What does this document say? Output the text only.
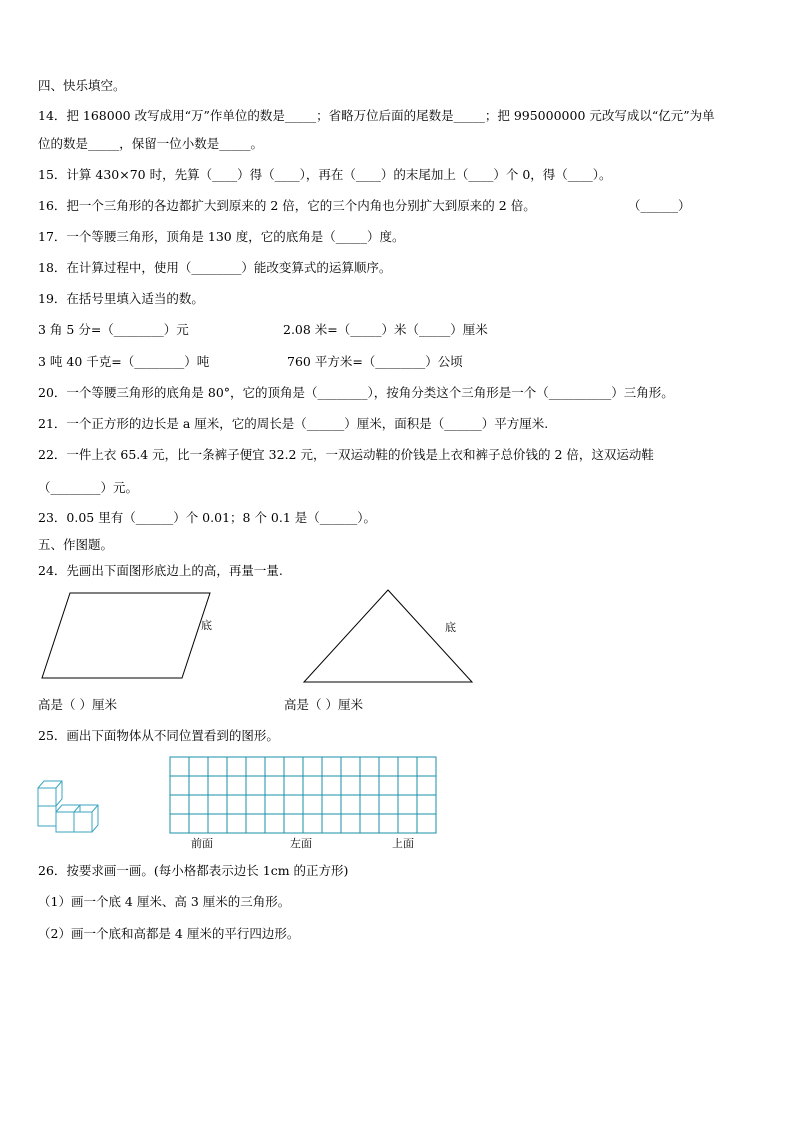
四、快乐填空。
14．把 168000 改写成用“万”作单位的数是_____；省略万位后面的尾数是_____；把 995000000 元改写成以“亿元”为单
位的数是_____，保留一位小数是_____。
15．计算 430×70 时，先算（____）得（____），再在（____）的末尾加上（____）个 0，得（____）。
16．把一个三角形的各边都扩大到原来的 2 倍，它的三个内角也分别扩大到原来的 2 倍。	（______）
17．一个等腰三角形，顶角是 130 度，它的底角是（_____）度。
18．在计算过程中，使用（________）能改变算式的运算顺序。
19．在括号里填入适当的数。
3 角 5 分=（________）元	2.08 米=（_____）米（_____）厘米
3 吨 40 千克=（________）吨	760 平方米=（________）公顷
20．一个等腰三角形的底角是 80°，它的顶角是（________），按角分类这个三角形是一个（__________）三角形。
21．一个正方形的边长是 a 厘米，它的周长是（______）厘米，面积是（______）平方厘米.
22．一件上衣 65.4 元，比一条裤子便宜 32.2 元，一双运动鞋的价钱是上衣和裤子总价钱的 2 倍，这双运动鞋
（________）元。
23．0.05 里有（______）个 0.01；8 个 0.1 是（______）。
五、作图题。
24．先画出下面图形底边上的高，再量一量.
底	底
高是（ ）厘米	高是（ ）厘米
25．画出下面物体从不同位置看到的图形。
前面	左面	上面
26．按要求画一画。(每小格都表示边长 1cm 的正方形)
（1）画一个底 4 厘米、高 3 厘米的三角形。
（2）画一个底和高都是 4 厘米的平行四边形。
